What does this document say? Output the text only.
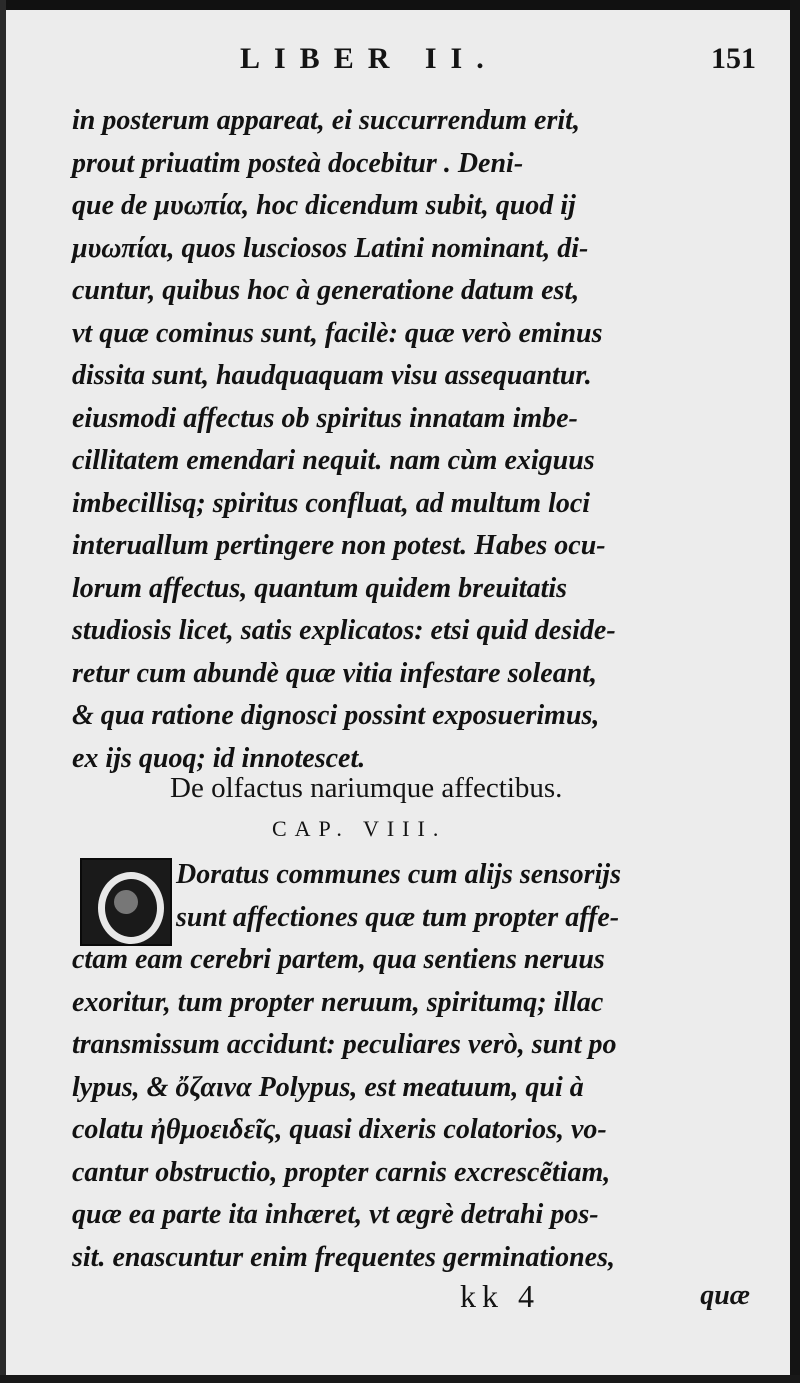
LIBER II.	151
in posterum appareat, ei succurrendum erit,
prout priuatim posteà docebitur . Deni-
que de μυωπία, hoc dicendum subit, quod ij
μυωπίαι, quos lusciosos Latini nominant, di-
cuntur, quibus hoc à generatione datum est,
vt quæ cominus sunt, facilè: quæ verò eminus
dissita sunt, haudquaquam visu assequantur.
eiusmodi affectus ob spiritus innatam imbe-
cillitatem emendari nequit. nam cùm exiguus
imbecillisq; spiritus confluat, ad multum loci
interuallum pertingere non potest. Habes ocu-
lorum affectus, quantum quidem breuitatis
studiosis licet, satis explicatos: etsi quid deside-
retur cum abundè quæ vitia infestare soleant,
& qua ratione dignosci possint exposuerimus,
ex ijs quoq; id innotescet.
De olfactus nariumque affectibus.
CAP. VIII.
Doratus communes cum alijs sensorijs
sunt affectiones quæ tum propter affe-
ctam eam cerebri partem, qua sentiens neruus
exoritur, tum propter neruum, spiritumq; illac
transmissum accidunt: peculiares verò, sunt po
lypus, & ὄζαινα Polypus, est meatuum, qui à
colatu ἠθμοειδεῖς, quasi dixeris colatorios, vo-
cantur obstructio, propter carnis excrescẽtiam,
quæ ea parte ita inhæret, vt ægrè detrahi pos-
sit. enascuntur enim frequentes germinationes,
kk 4	quæ
